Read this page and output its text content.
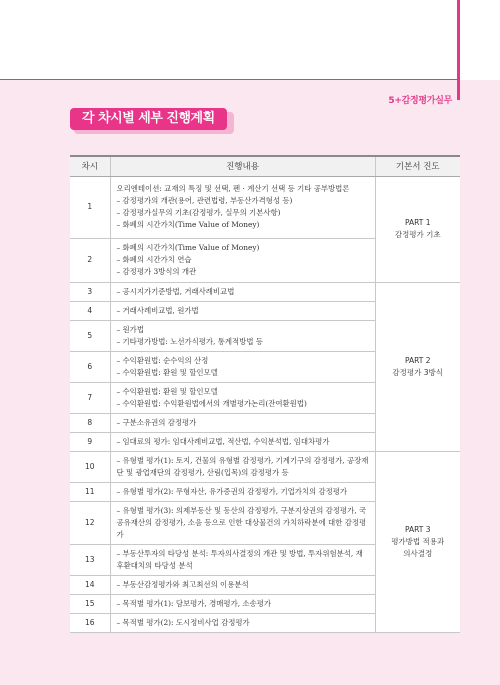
5+감정평가실무
각 차시별 세부 진행계획
차시	진행내용	기본서 진도
1	오리엔테이션: 교재의 특징 및 선택, 펜 · 계산기 선택 등 기타 공부방법론
– 감정평가의 개관(용어, 관련법령, 부동산가격형성 등)
– 감정평가실무의 기초(감정평가, 실무의 기본사항)
– 화폐의 시간가치(Time Value of Money)	PART 1
감정평가 기초

2	– 화폐의 시간가치(Time Value of Money)
– 화폐의 시간가치 연습
– 감정평가 3방식의 개관	

3	– 공시지가기준방법, 거래사례비교법	PART 2
감정평가 3방식

4	– 거래사례비교법, 원가법	

5	– 원가법
– 기타평가방법: 노선가식평가, 통계적방법 등	

6	– 수익환원법: 순수익의 산정
– 수익환원법: 환원 및 할인모델	

7	– 수익환원법: 환원 및 할인모델
– 수익환원법: 수익환원법에서의 개별평가논리(잔여환원법)	

8	– 구분소유권의 감정평가	

9	– 임대료의 평가: 임대사례비교법, 적산법, 수익분석법, 임대차평가	

10	– 유형별 평가(1): 토지, 건물의 유형별 감정평가, 기계기구의 감정평가, 공장재단 및 광업재단의 감정평가, 산림(입목)의 감정평가 등	PART 3
평가방법 적용과
의사결정

11	– 유형별 평가(2): 무형자산, 유가증권의 감정평가, 기업가치의 감정평가	

12	– 유형별 평가(3): 의제부동산 및 동산의 감정평가, 구분지상권의 감정평가, 국공유재산의 감정평가, 소음 등으로 인한 대상물건의 가치하락분에 대한 감정평가	

13	– 부동산투자의 타당성 분석: 투자의사결정의 개관 및 방법, 투자위험분석, 재후환대치의 타당성 분석	

14	– 부동산감정평가와 최고최선의 이용분석	

15	– 목적별 평가(1): 담보평가, 경매평가, 소송평가	

16	– 목적별 평가(2): 도시정비사업 감정평가	
